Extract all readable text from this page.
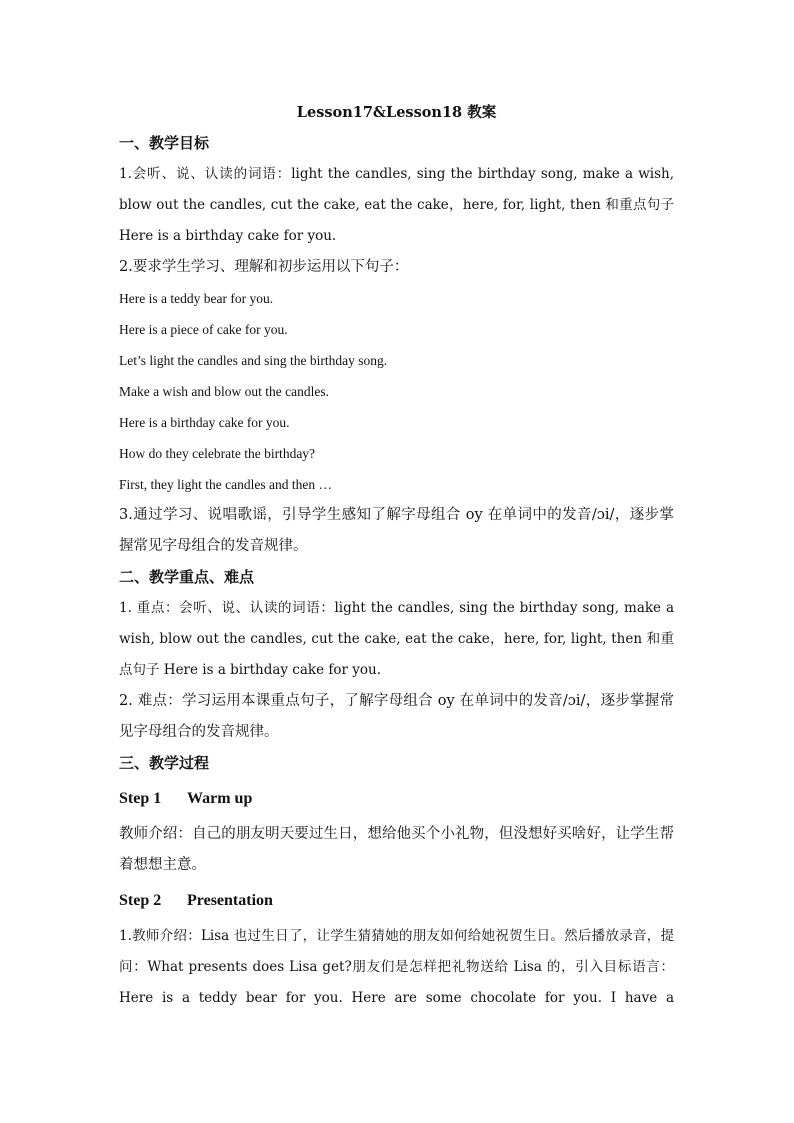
Lesson17&Lesson18 教案
一、教学目标
1.会听、说、认读的词语：light the candles, sing the birthday song, make a wish, blow out the candles, cut the cake, eat the cake，here, for, light, then 和重点句子 Here is a birthday cake for you.
2.要求学生学习、理解和初步运用以下句子：
Here is a teddy bear for you.
Here is a piece of cake for you.
Let’s light the candles and sing the birthday song.
Make a wish and blow out the candles.
Here is a birthday cake for you.
How do they celebrate the birthday?
First, they light the candles and then …
3.通过学习、说唱歌谣，引导学生感知了解字母组合 oy 在单词中的发音/ɔi/，逐步掌握常见字母组合的发音规律。
二、教学重点、难点
1. 重点：会听、说、认读的词语：light the candles, sing the birthday song, make a wish, blow out the candles, cut the cake, eat the cake，here, for, light, then 和重点句子 Here is a birthday cake for you.
2. 难点：学习运用本课重点句子，了解字母组合 oy 在单词中的发音/ɔi/，逐步掌握常见字母组合的发音规律。
三、教学过程
Step 1 Warm up
教师介绍：自己的朋友明天要过生日，想给他买个小礼物，但没想好买啥好，让学生帮着想想主意。
Step 2 Presentation
1.教师介绍：Lisa 也过生日了，让学生猜猜她的朋友如何给她祝贺生日。然后播放录音，提问：What presents does Lisa get?朋友们是怎样把礼物送给 Lisa 的，引入目标语言：Here is a teddy bear for you. Here are some chocolate for you. I have a
